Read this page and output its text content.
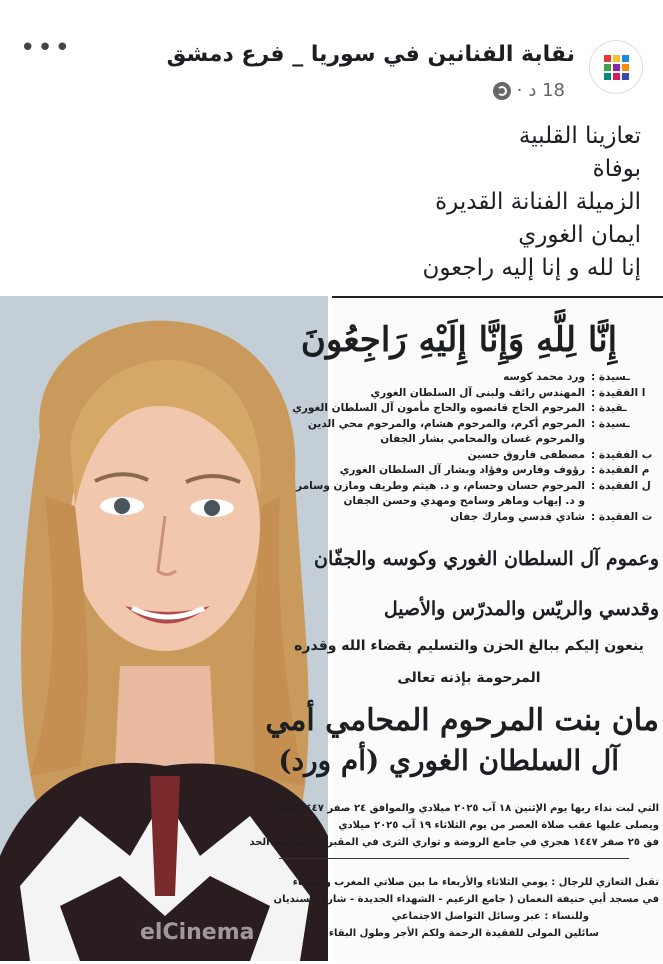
•••	نقابة الفنانين في سوريا _ فرع دمشق
18 د
·
تعازينا القلبية
بوفاة
الزميلة الفنانة القديرة
ايمان الغوري
إنا لله و إنا إليه راجعون
elCinema
إِنَّا لِلَّهِ وَإِنَّا إِلَيْهِ رَاجِعُونَ
ـسيدة :
ورد محمد كوسه
ا الفقيدة :
المهندس رائف ولبنى آل السلطان الغوري
ـقيدة :
المرحوم الحاج قانصوه والحاج مأمون آل السلطان الغوري
ـسيدة :
المرحوم أكرم، والمرحوم هشام، والمرحوم محي الدين
والمرحوم غسان والمحامي بشار الجفان
ب الفقيدة :
مصطفى فاروق حسين
م الفقيدة :
رؤوف وفارس وفؤاد وبشار آل السلطان الغوري
ل الفقيدة :
المرحوم حسان وحسام، و د. هيثم وطريف ومازن وسامر
و د. إيهاب وماهر وسامح ومهدي وحسن الجفان
ت الفقيدة :
شادي قدسي ومارك جفان
وعموم آل السلطان الغوري وكوسه والجفّان
وقدسي والريّس والمدرّس والأصيل
ينعون إليكم ببالغ الحزن والتسليم بقضاء الله وقدره
المرحومة بإذنه تعالى
مان بنت المرحوم المحامي أمي
آل السلطان الغوري (أم ورد)
التي لبت نداء ربها يوم الإثنين ١٨ آب ٢٠٢٥ ميلادي والموافق ٢٤ صفر ١٤٤٧ هجري
ويصلى عليها عقب صلاة العصر من يوم الثلاثاء ١٩ آب ٢٠٢٥ ميلادي
فق ٢٥ صفر ١٤٤٧ هجري في جامع الروضة و تواري الثرى في المقبرة الإسلامية الحد
تقبل التعازي للرجال : يومي الثلاثاء والأربعاء ما بين صلاتي المغرب والعشاء
في مسجد أبي حنيفة النعمان ( جامع الزعيم - الشهداء الجديدة - شارع السنديان
وللنساء : عبر وسائل التواصل الاجتماعي
سائلين المولى للفقيدة الرحمة ولكم الأجر وطول البقاء
